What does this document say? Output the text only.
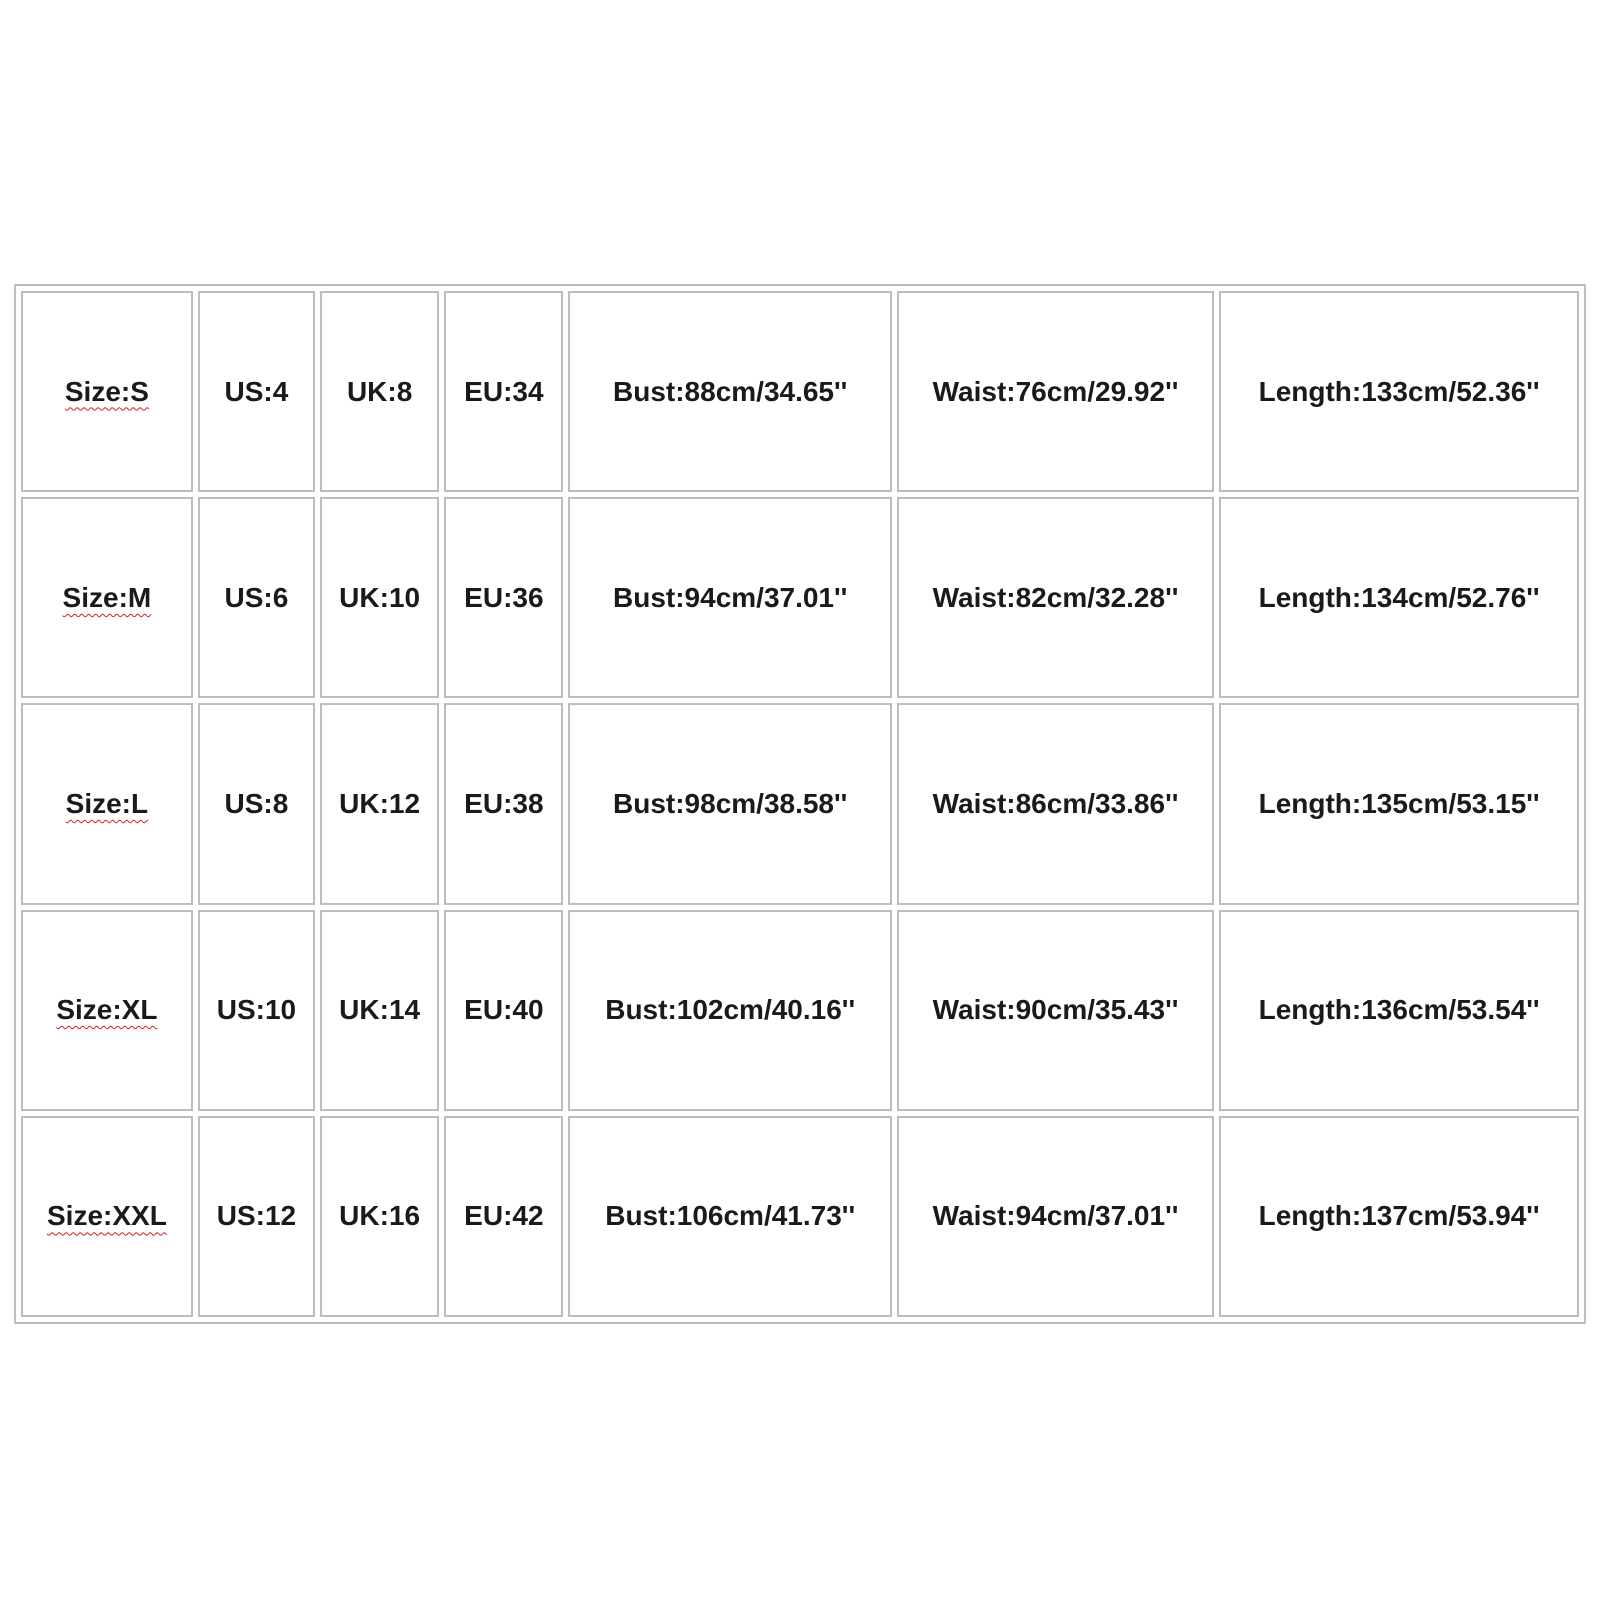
Size:S	US:4	UK:8	EU:34	Bust:88cm/34.65''	Waist:76cm/29.92''	Length:133cm/52.36''
Size:M	US:6	UK:10	EU:36	Bust:94cm/37.01''	Waist:82cm/32.28''	Length:134cm/52.76''
Size:L	US:8	UK:12	EU:38	Bust:98cm/38.58''	Waist:86cm/33.86''	Length:135cm/53.15''
Size:XL	US:10	UK:14	EU:40	Bust:102cm/40.16''	Waist:90cm/35.43''	Length:136cm/53.54''
Size:XXL	US:12	UK:16	EU:42	Bust:106cm/41.73''	Waist:94cm/37.01''	Length:137cm/53.94''
